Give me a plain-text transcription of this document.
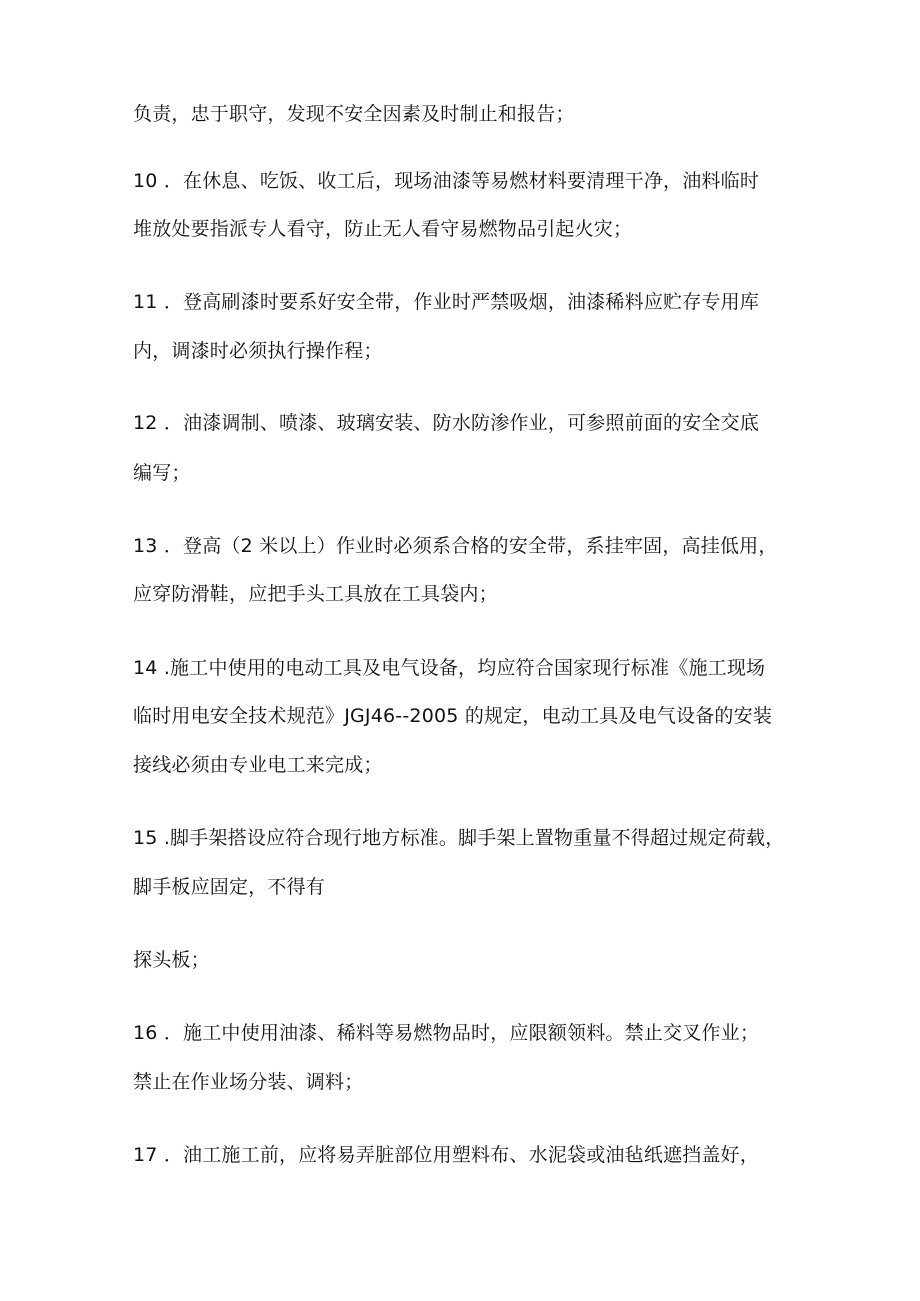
负责，忠于职守，发现不安全因素及时制止和报告；

10 ．在休息、吃饭、收工后，现场油漆等易燃材料要清理干净，油料临时

堆放处要指派专人看守，防止无人看守易燃物品引起火灾；

11 ．登高刷漆时要系好安全带，作业时严禁吸烟，油漆稀料应贮存专用库

内，调漆时必须执行操作程；

12 ．油漆调制、喷漆、玻璃安装、防水防渗作业，可参照前面的安全交底

编写；

13 ．登高（2 米以上）作业时必须系合格的安全带，系挂牢固，高挂低用，

应穿防滑鞋，应把手头工具放在工具袋内；

14 .施工中使用的电动工具及电气设备，均应符合国家现行标准《施工现场

临时用电安全技术规范》JGJ46--2005 的规定，电动工具及电气设备的安装

接线必须由专业电工来完成；

15 .脚手架搭设应符合现行地方标准。脚手架上置物重量不得超过规定荷载，

脚手板应固定，不得有

探头板；

16 ．施工中使用油漆、稀料等易燃物品时，应限额领料。禁止交叉作业；

禁止在作业场分装、调料；

17 ．油工施工前，应将易弄脏部位用塑料布、水泥袋或油毡纸遮挡盖好，
